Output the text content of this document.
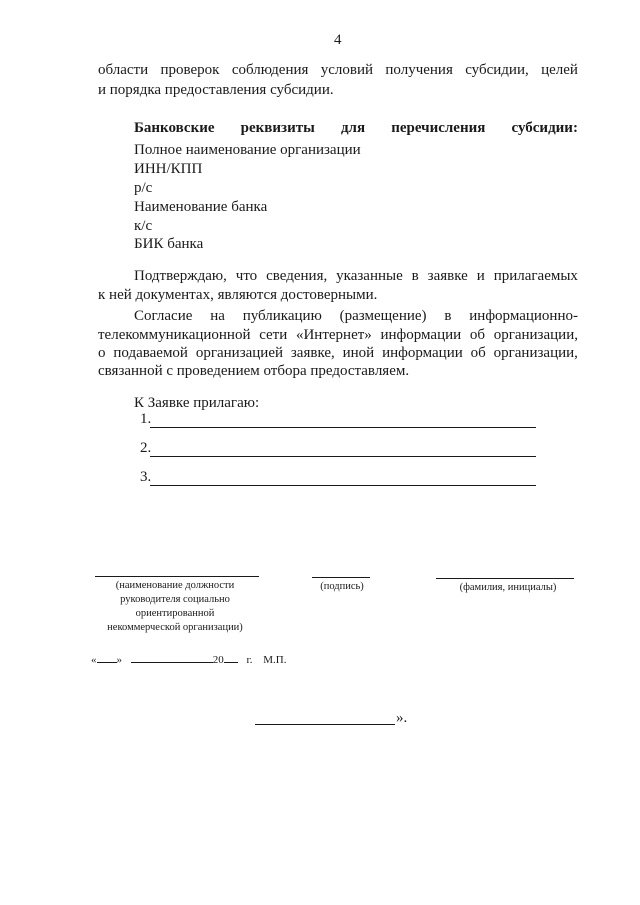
4
области проверок соблюдения условий получения субсидии, целей
и порядка предоставления субсидии.
Банковские реквизиты для перечисления субсидии:
Полное наименование организации
ИНН/КПП
р/с
Наименование банка
к/с
БИК банка
Подтверждаю, что сведения, указанные в заявке и прилагаемых
к ней документах, являются достоверными.
Согласие на публикацию (размещение) в информационно-
телекоммуникационной сети «Интернет» информации об организации,
о подаваемой организацией заявке, иной информации об организации,
связанной с проведением отбора предоставляем.
К Заявке прилагаю:
1.
2.
3.
(наименование должности
руководителя социально
ориентированной
некоммерческой организации)
(подпись)	(фамилия, инициалы)
« »	20 г. М.П.
».
